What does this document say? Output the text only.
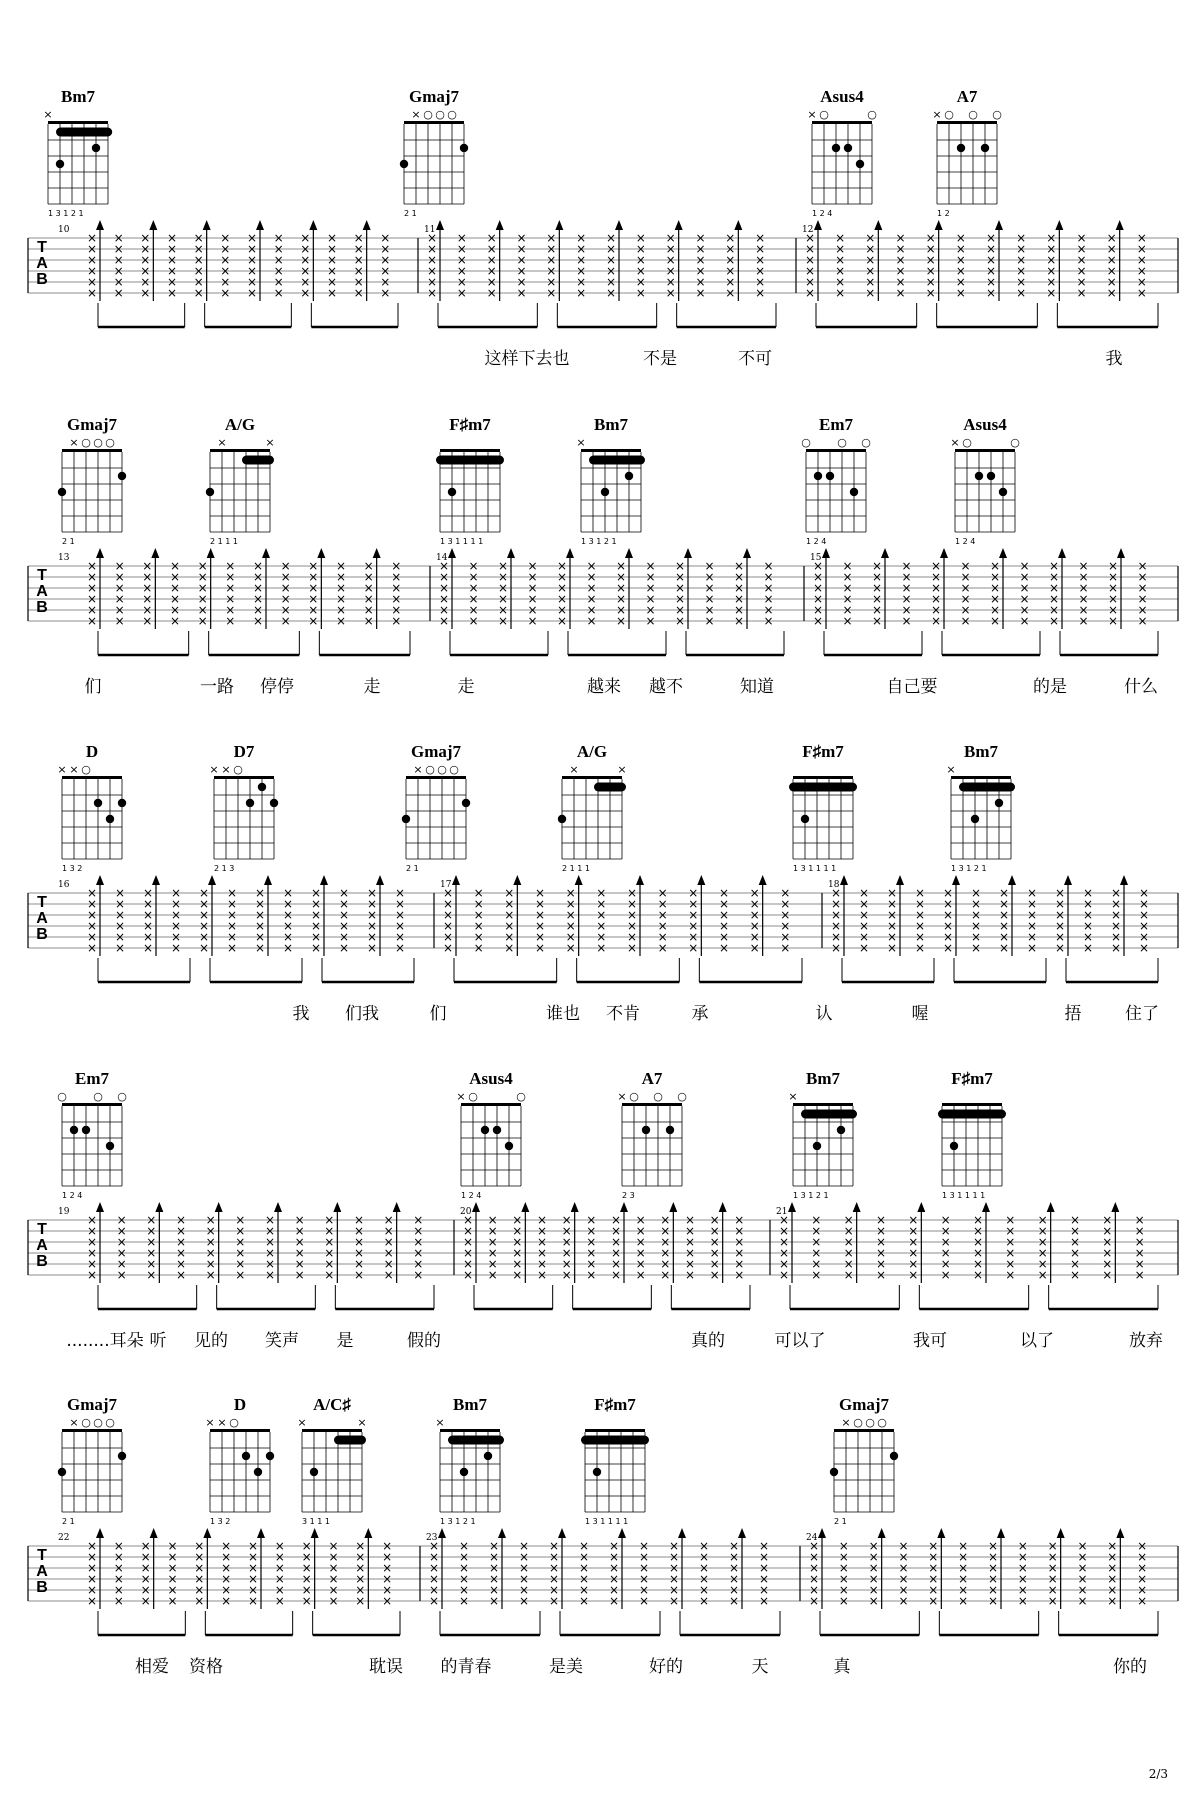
Bm7
×
1 3 1 2 1
Gmaj7
× ○ ○ ○
2 1
Asus4
× ○	○
1 2 4
A7
× ○ ○ ○
1 2
T
A
B
10	11	12
×
×
×
×
×
×
×
×
×
×
×
×
×
×
×
×
×
×
×
×
×
×
×
×
×
×
×
×
×
×
×
×
×
×
×
×
×
×
×
×
×
×
×
×
×
×
×
×
×
×
×
×
×
×
×
×
×
×
×
×
×
×
×
×
×
×
×
×
×
×
×
×
×
×
×
×
×
×
×
×
×
×
×
×
×
×
×
×
×
×
×
×
×
×
×
×
×
×
×
×
×
×
×
×
×
×
×
×
×
×
×
×
×
×
×
×
×
×
×
×
×
×
×
×
×
×
×
×
×
×
×
×
×
×
×
×
×
×
×
×
×
×
×
×
×
×
×
×
×
×
×
×
×
×
×
×
×
×
×
×
×
×
×
×
×
×
×
×
×
×
×
×
×
×
×
×
×
×
×
×
×
×
×
×
×
×
×
×
×
×
×
×
×
×
×
×
×
×
×
×
×
×
×
×
×
×
×
×
×
×
×
×
×
×
×
×
这样下去也	不是	不可	我
Gmaj7
× ○ ○ ○
2 1
A/G
×	×
2 1 1 1
F♯m7
1 3 1 1 1 1
Bm7
×
1 3 1 2 1
Em7
○ ○ ○
1 2 4
Asus4
× ○	○
1 2 4
T
A
B
13	14	15
×
×
×
×
×
×
×
×
×
×
×
×
×
×
×
×
×
×
×
×
×
×
×
×
×
×
×
×
×
×
×
×
×
×
×
×
×
×
×
×
×
×
×
×
×
×
×
×
×
×
×
×
×
×
×
×
×
×
×
×
×
×
×
×
×
×
×
×
×
×
×
×
×
×
×
×
×
×
×
×
×
×
×
×
×
×
×
×
×
×
×
×
×
×
×
×
×
×
×
×
×
×
×
×
×
×
×
×
×
×
×
×
×
×
×
×
×
×
×
×
×
×
×
×
×
×
×
×
×
×
×
×
×
×
×
×
×
×
×
×
×
×
×
×
×
×
×
×
×
×
×
×
×
×
×
×
×
×
×
×
×
×
×
×
×
×
×
×
×
×
×
×
×
×
×
×
×
×
×
×
×
×
×
×
×
×
×
×
×
×
×
×
×
×
×
×
×
×
×
×
×
×
×
×
×
×
×
×
×
×
×
×
×
×
×
×
们	一路 停停	走	走	越来 越不	知道	自己要	的是	什么
D
× × ○
1 3 2
D7
× × ○
2 1 3
Gmaj7
× ○ ○ ○
2 1
A/G
×	×
2 1 1 1
F♯m7
1 3 1 1 1 1
Bm7
×
1 3 1 2 1
T
A
B
16	17	18
×
×
×
×
×
×
×
×
×
×
×
×
×
×
×
×
×
×
×
×
×
×
×
×
×
×
×
×
×
×
×
×
×
×
×
×
×
×
×
×
×
×
×
×
×
×
×
×
×
×
×
×
×
×
×
×
×
×
×
×
×
×
×
×
×
×
×
×
×
×
×
×
×
×
×
×
×
×
×
×
×
×
×
×
×
×
×
×
×
×
×
×
×
×
×
×
×
×
×
×
×
×
×
×
×
×
×
×
×
×
×
×
×
×
×
×
×
×
×
×
×
×
×
×
×
×
×
×
×
×
×
×
×
×
×
×
×
×
×
×
×
×
×
×
×
×
×
×
×
×
×
×
×
×
×
×
×
×
×
×
×
×
×
×
×
×
×
×
×
×
×
×
×
×
×
×
×
×
×
×
×
×
×
×
×
×
×
×
×
×
×
×
×
×
×
×
×
×
×
×
×
×
×
×
×
×
×
×
×
×
×
×
×
×
×
×
我 们我	们	谁也 不肯	承	认	喔	捂	住了
Em7
○ ○ ○
1 2 4
Asus4
× ○	○
1 2 4
A7
× ○ ○ ○
2 3
Bm7
×
1 3 1 2 1
F♯m7
1 3 1 1 1 1
T
A
B
19	20	21
×
×
×
×
×
×
×
×
×
×
×
×
×
×
×
×
×
×
×
×
×
×
×
×
×
×
×
×
×
×
×
×
×
×
×
×
×
×
×
×
×
×
×
×
×
×
×
×
×
×
×
×
×
×
×
×
×
×
×
×
×
×
×
×
×
×
×
×
×
×
×
×
×
×
×
×
×
×
×
×
×
×
×
×
×
×
×
×
×
×
×
×
×
×
×
×
×
×
×
×
×
×
×
×
×
×
×
×
×
×
×
×
×
×
×
×
×
×
×
×
×
×
×
×
×
×
×
×
×
×
×
×
×
×
×
×
×
×
×
×
×
×
×
×
×
×
×
×
×
×
×
×
×
×
×
×
×
×
×
×
×
×
×
×
×
×
×
×
×
×
×
×
×
×
×
×
×
×
×
×
×
×
×
×
×
×
×
×
×
×
×
×
×
×
×
×
×
×
×
×
×
×
×
×
×
×
×
×
×
×
×
×
×
×
×
×
........耳朵 听 见的 笑声 是	假的	真的	可以了	我可	以了	放弃
Gmaj7
× ○ ○ ○
2 1
D
× × ○
1 3 2
A/C♯
×	×
3 1 1 1
Bm7
×
1 3 1 2 1
F♯m7
1 3 1 1 1 1
Gmaj7
× ○ ○ ○
2 1
T
A
B
22	23	24
×
×
×
×
×
×
×
×
×
×
×
×
×
×
×
×
×
×
×
×
×
×
×
×
×
×
×
×
×
×
×
×
×
×
×
×
×
×
×
×
×
×
×
×
×
×
×
×
×
×
×
×
×
×
×
×
×
×
×
×
×
×
×
×
×
×
×
×
×
×
×
×
×
×
×
×
×
×
×
×
×
×
×
×
×
×
×
×
×
×
×
×
×
×
×
×
×
×
×
×
×
×
×
×
×
×
×
×
×
×
×
×
×
×
×
×
×
×
×
×
×
×
×
×
×
×
×
×
×
×
×
×
×
×
×
×
×
×
×
×
×
×
×
×
×
×
×
×
×
×
×
×
×
×
×
×
×
×
×
×
×
×
×
×
×
×
×
×
×
×
×
×
×
×
×
×
×
×
×
×
×
×
×
×
×
×
×
×
×
×
×
×
×
×
×
×
×
×
×
×
×
×
×
×
×
×
×
×
×
×
×
×
×
×
×
×
相爱 资格	耽误 的青春	是美	好的	天	真	你的
2/3
